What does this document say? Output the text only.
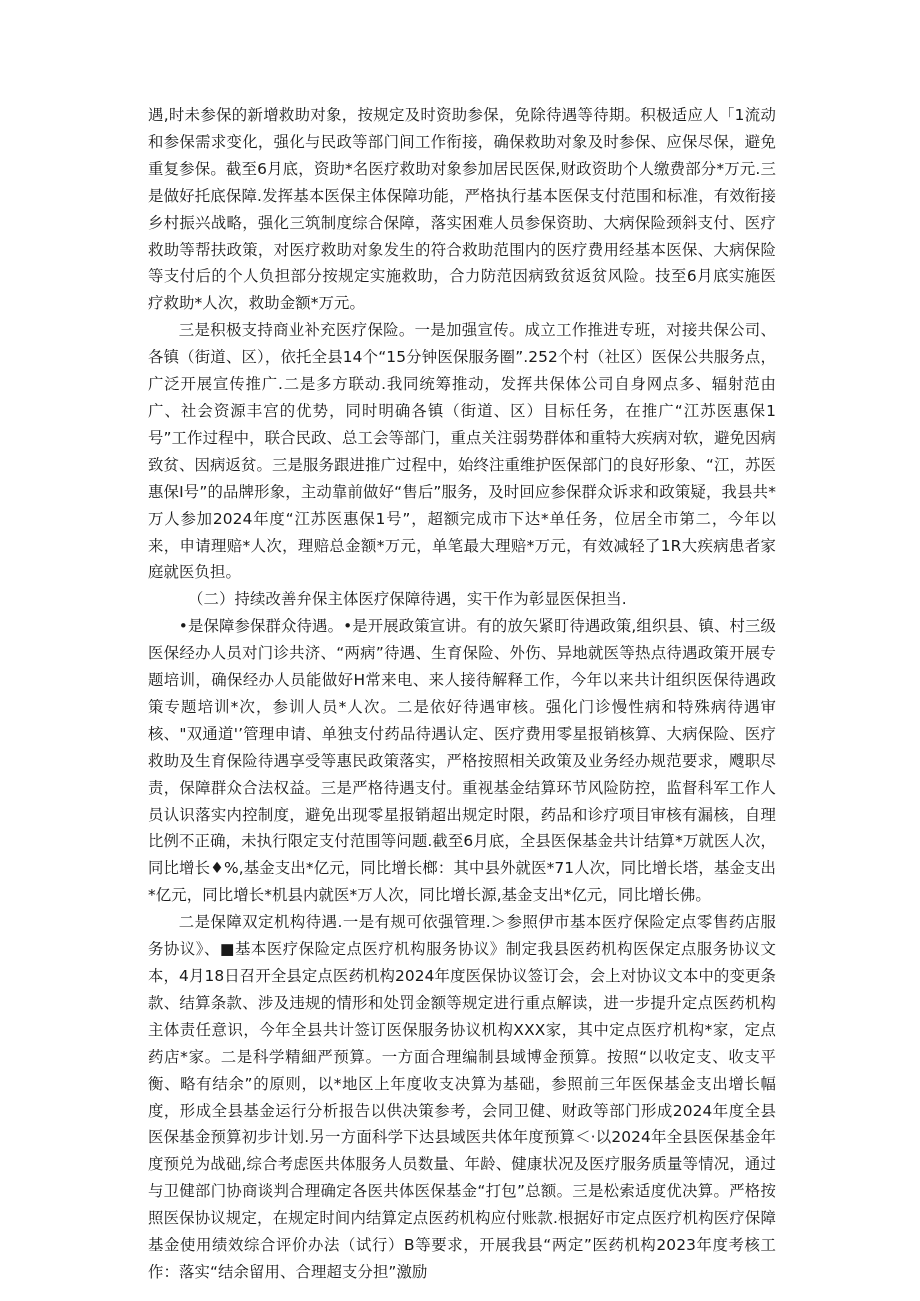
遇,时未参保的新增救助对象，按规定及时资助参保，免除待遇等待期。积极适应人「1流动和参保需求变化，强化与民政等部门间工作衔接，确保救助对象及时参保、应保尽保，避免重复参保。截至6月底，资助*名医疗救助对象参加居民医保,财政资助个人缴费部分*万元.三是做好托底保障.发挥基本医保主体保障功能，严格执行基本医保支付范围和标准，有效衔接乡村振兴战略，强化三筑制度综合保障，落实困难人员参保资助、大病保险颈斜支付、医疗救助等帮扶政策，对医疗救助对象发生的符合救助范围内的医疗费用经基本医保、大病保险等支付后的个人负担部分按规定实施救助，合力防范因病致贫返贫风险。技至6月底实施医疗救助*人次，救助金额*万元。

三是积极支持商业补充医疗保险。一是加强宣传。成立工作推进专班，对接共保公司、各镇（街道、区），依托全县14个“15分钟医保服务圈”.252个村（社区）医保公共服务点，广泛开展宣传推广.二是多方联动.我同统筹推动，发挥共保体公司自身网点多、辐射范由广、社会资源丰宫的优势，同时明确各镇（街道、区）目标任务，在推广“江苏医惠保1号”工作过程中，联合民政、总工会等部门，重点关注弱势群体和重特大疾病对软，避免因病致贫、因病返贫。三是服务跟进推广过程中，始终注重维护医保部门的良好形象、“江，苏医惠保I号”的品牌形象，主动靠前做好“售后”服务，及时回应参保群众诉求和政策疑，我县共*万人参加2024年度“江苏医惠保1号”，超额完成市下达*单任务，位居全市第二，今年以来，申请理赔*人次，理赔总金额*万元，单笔最大理赔*万元，有效减轻了1R大疾病患者家庭就医负担。

（二）持续改善弁保主体医疗保障待遇，实干作为彰显医保担当.

•是保障参保群众待遇。•是开展政策宣讲。有的放矢紧盯待遇政策,组织县、镇、村三级医保经办人员对门诊共济、“两病”待遇、生育保险、外伤、异地就医等热点待遇政策开展专题培训，确保经办人员能做好H常来电、来人接待解释工作，今年以来共计组织医保待遇政策专题培训*次，参训人员*人次。二是依好待遇审核。强化门诊慢性病和特殊病待遇审核、"双通道'’管理申请、单独支付药品待遇认定、医疗费用零星报销核算、大病保险、医疗救助及生育保险待遇享受等惠民政策落实，严格按照相关政策及业务经办规范要求，飕职尽责，保障群众合法权益。三是严格待遇支付。重视基金结算环节风险防控，监督科军工作人员认识落实内控制度，避免出现零星报销超出规定时限，药品和诊疗项目审核有漏核，自理比例不正确，未执行限定支付范围等问题.截至6月底，全县医保基金共计结算*万就医人次，同比增长♦%,基金支出*亿元，同比增长榔：其中县外就医*71人次，同比增长塔，基金支出*亿元，同比增长*机县内就医*万人次，同比增长源,基金支出*亿元，同比增长佛。

二是保障双定机构待遇.一是有规可依强管理.＞参照伊市基本医疗保险定点零售药店服务协议》、■基本医疗保险定点医疗机构服务协议》制定我县医药机构医保定点服务协议文本，4月18日召开全县定点医药机构2024年度医保协议签订会，会上对协议文本中的变更条款、结算条款、涉及违规的情形和处罚金额等规定进行重点解读，进一步提升定点医药机构主体责任意识，今年全县共计签订医保服务协议机构XXX家，其中定点医疗机构*家，定点药店*家。二是科学精細严预算。一方面合理编制县域博金预算。按照“以收定支、收支平衡、略有结余”的原则，以*地区上年度收支决算为基础，参照前三年医保基金支出增长幅度，形成全县基金运行分析报告以供决策参考，会同卫健、财政等部门形成2024年度全县医保基金预算初步计划.另一方面科学下达县域医共体年度预算＜·以2024年全县医保基金年度预兑为战础,综合考虑医共体服务人员数量、年龄、健康状况及医疗服务质量等情况，通过与卫健部门协商谈判合理确定各医共体医保基金“打包”总额。三是松索适度优决算。严格按照医保协议规定，在规定时间内结算定点医药机构应付账款.根据好市定点医疗机构医疗保障基金使用绩效综合评价办法（试行）B等要求，开展我县“两定”医药机构2023年度考核工作：落实“结余留用、合理超支分担”激励
